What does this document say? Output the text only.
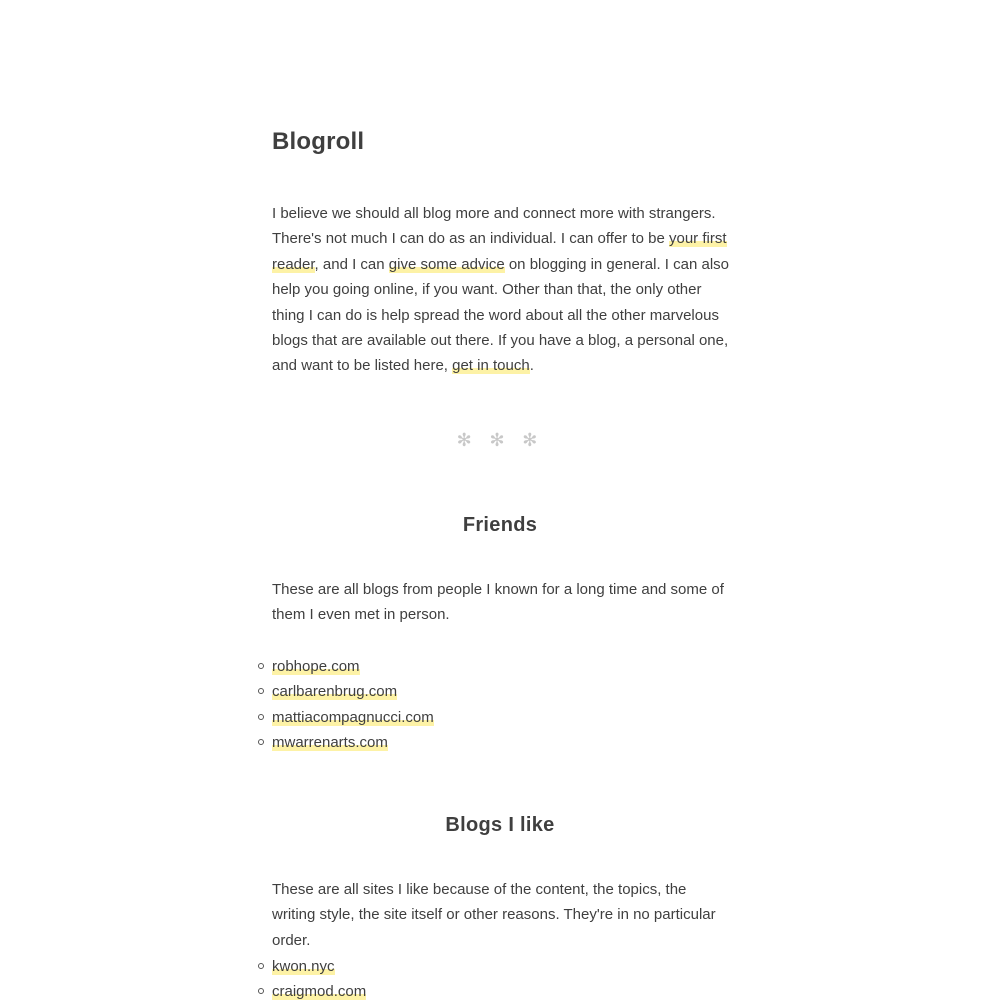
Blogroll

I believe we should all blog more and connect more with strangers. There's not much I can do as an individual. I can offer to be your first reader, and I can give some advice on blogging in general. I can also help you going online, if you want. Other than that, the only other thing I can do is help spread the word about all the other marvelous blogs that are available out there. If you have a blog, a personal one, and want to be listed here, get in touch.

✻ ✻ ✻
Friends

These are all blogs from people I known for a long time and some of them I even met in person.

robhope.com
carlbarenbrug.com
mattiacompagnucci.com
mwarrenarts.com
Blogs I like

These are all sites I like because of the content, the topics, the writing style, the site itself or other reasons. They're in no particular order.

kwon.nyc
craigmod.com
